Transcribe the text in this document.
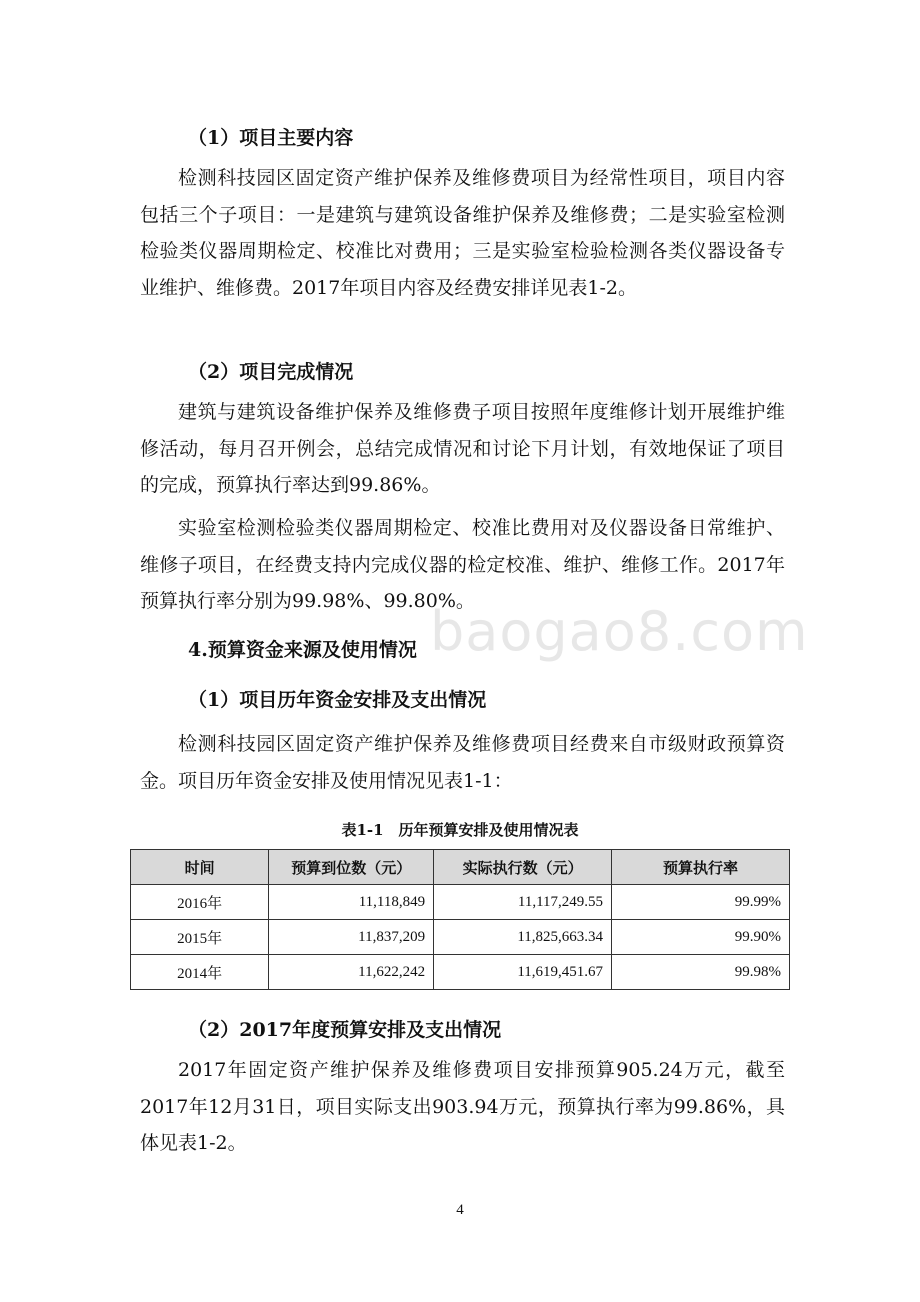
（1）项目主要内容
检测科技园区固定资产维护保养及维修费项目为经常性项目，项目内容包括三个子项目：一是建筑与建筑设备维护保养及维修费；二是实验室检测检验类仪器周期检定、校准比对费用；三是实验室检验检测各类仪器设备专业维护、维修费。2017年项目内容及经费安排详见表1-2。
（2）项目完成情况
建筑与建筑设备维护保养及维修费子项目按照年度维修计划开展维护维修活动，每月召开例会，总结完成情况和讨论下月计划，有效地保证了项目的完成，预算执行率达到99.86%。
实验室检测检验类仪器周期检定、校准比费用对及仪器设备日常维护、维修子项目，在经费支持内完成仪器的检定校准、维护、维修工作。2017年预算执行率分别为99.98%、99.80%。
4.预算资金来源及使用情况
（1）项目历年资金安排及支出情况
检测科技园区固定资产维护保养及维修费项目经费来自市级财政预算资金。项目历年资金安排及使用情况见表1-1：
表1-1　历年预算安排及使用情况表
时间	预算到位数（元）	实际执行数（元）	预算执行率
2016年	11,118,849	11,117,249.55	99.99%
2015年	11,837,209	11,825,663.34	99.90%
2014年	11,622,242	11,619,451.67	99.98%
（2）2017年度预算安排及支出情况
2017年固定资产维护保养及维修费项目安排预算905.24万元，截至2017年12月31日，项目实际支出903.94万元，预算执行率为99.86%，具体见表1-2。
baogao8.com
4
